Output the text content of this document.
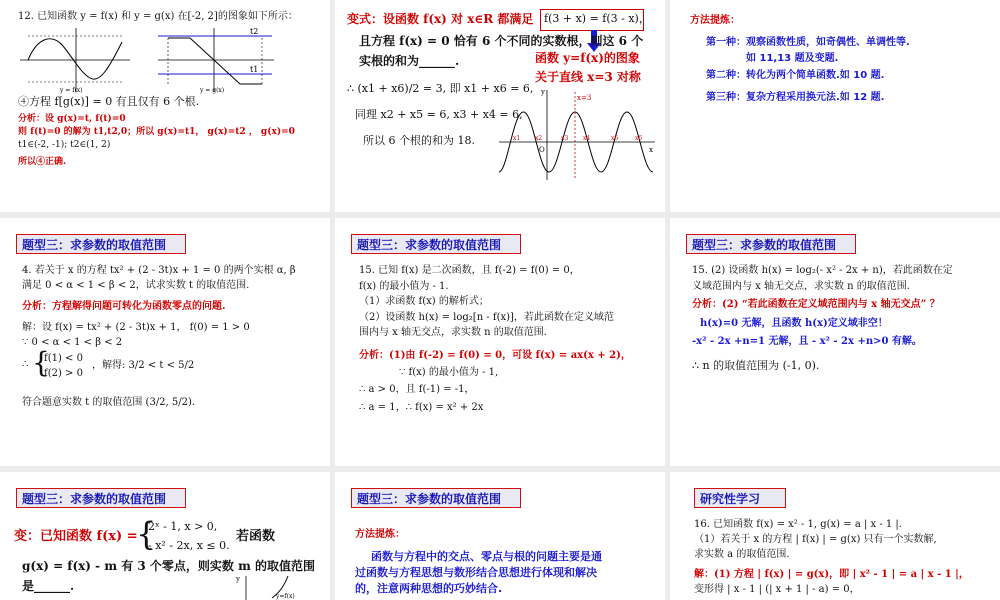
12. 已知函数 y = f(x) 和 y = g(x) 在[-2, 2]的图象如下所示：
y = f(x)
t2
t1
y = g(x)
④方程 f[g(x)] = 0 有且仅有 6 个根.
分析：设 g(x)=t, f(t)=0
则 f(t)=0 的解为 t1,t2,0；所以 g(x)=t1， g(x)=t2 ， g(x)=0
t1∈(-2, -1); t2∈(1, 2)
所以④正确.
变式：设函数 f(x) 对 x∈R 都满足 f(3 + x) = f(3 - x)，
且方程 f(x) = 0 恰有 6 个不同的实数根，则这 6 个
实根的和为______.	函数 y=f(x)的图象
关于直线 x=3 对称
∴ (x1 + x6)/2 = 3, 即 x1 + x6 = 6,
同理 x2 + x5 = 6, x3 + x4 = 6,
所以 6 个根的和为 18.
x=3
y
x
O
x1 x2	x3 x4	x5	x6
方法提炼：
第一种：观察函数性质，如奇偶性、单调性等.
如 11,13 题及变题.
第二种：转化为两个简单函数.如 10 题.
第三种：复杂方程采用换元法.如 12 题.
题型三：求参数的取值范围
4. 若关于 x 的方程 tx² + (2 - 3t)x + 1 = 0 的两个实根 α, β
满足 0 < α < 1 < β < 2，试求实数 t 的取值范围.
分析：方程解得问题可转化为函数零点的问题.
解：设 f(x) = tx² + (2 - 3t)x + 1， f(0) = 1 > 0
∵ 0 < α < 1 < β < 2
∴ {
f(1) < 0
f(2) > 0
，解得: 3/2 < t < 5/2
符合题意实数 t 的取值范围 (3/2, 5/2).
题型三：求参数的取值范围
15. 已知 f(x) 是二次函数，且 f(-2) = f(0) = 0，
f(x) 的最小值为 - 1.
（1）求函数 f(x) 的解析式；
（2）设函数 h(x) = log₂[n - f(x)]，若此函数在定义域范
围内与 x 轴无交点，求实数 n 的取值范围.
分析：(1)由 f(-2) = f(0) = 0，可设 f(x) = ax(x + 2)，
∵ f(x) 的最小值为 - 1,
∴ a > 0，且 f(-1) = -1，
∴ a = 1，∴ f(x) = x² + 2x
题型三：求参数的取值范围
15. (2) 设函数 h(x) = log₂(- x² - 2x + n)，若此函数在定
义域范围内与 x 轴无交点，求实数 n 的取值范围.
分析：(2) “若此函数在定义域范围内与 x 轴无交点” ？
h(x)=0 无解，且函数 h(x)定义域非空！
-x² - 2x +n=1 无解，且 - x² - 2x +n>0 有解。
∴ n 的取值范围为 (-1, 0).
题型三：求参数的取值范围
变：已知函数 f(x) =
{
2ˣ - 1, x > 0,
- x² - 2x, x ≤ 0.
若函数
g(x) = f(x) - m 有 3 个零点，则实数 m 的取值范围
是______.	y
y=f(x)
题型三：求参数的取值范围
方法提炼：
函数与方程中的交点、零点与根的问题主要是通
过函数与方程思想与数形结合思想进行体现和解决
的，注意两种思想的巧妙结合.
研究性学习
16. 已知函数 f(x) = x² - 1, g(x) = a | x - 1 |.
（1）若关于 x 的方程 | f(x) | = g(x) 只有一个实数解,
求实数 a 的取值范围.
解：(1) 方程 | f(x) | = g(x)，即 | x² - 1 | = a | x - 1 |，
变形得 | x - 1 | (| x + 1 | - a) = 0，
